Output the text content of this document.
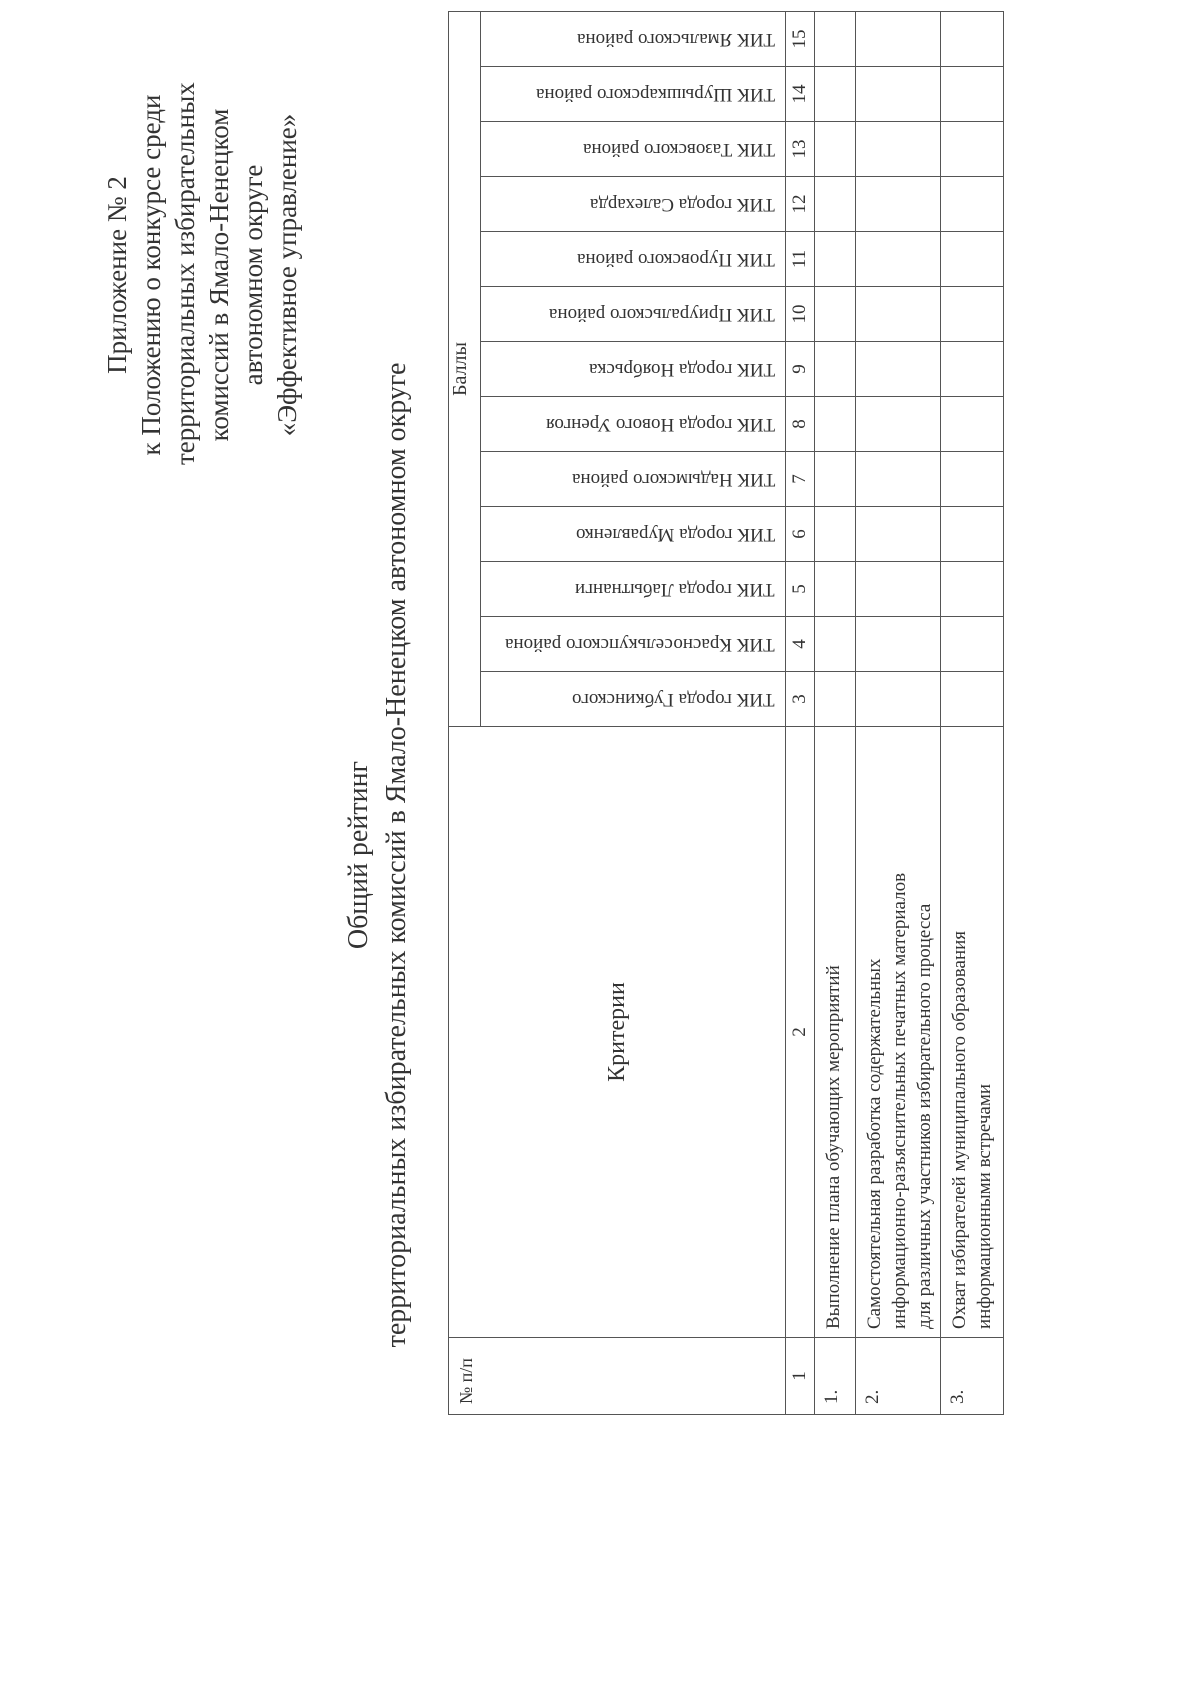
Приложение № 2 к Положению о конкурсе среди территориальных избирательных комиссий в Ямало-Ненецком автономном округе «Эффективное управление»
Общий рейтинг территориальных избирательных комиссий в Ямало-Ненецком автономном округе
№ п/п	Критерии	Баллы												

		ТИК города Губкинского	ТИК Красноселькупского района	ТИК города Лабытнанги	ТИК города Муравленко	ТИК Надымского района	ТИК города Нового Уренгоя	ТИК города Ноябрьска	ТИК Приуральского района	ТИК Пуровского района	ТИК города Салехарда	ТИК Тазовского района	ТИК Шурышкарского района	ТИК Ямальского района

1	2	3	4	5	6	7	8	9	10	11	12	13	14	15
1.	Выполнение плана обучающих мероприятий													

2.	Самостоятельная разработка содержательных информационно-разъяснительных печатных материалов для различных участников избирательного процесса													

3.	Охват избирателей муниципального образования информационными встречами													
